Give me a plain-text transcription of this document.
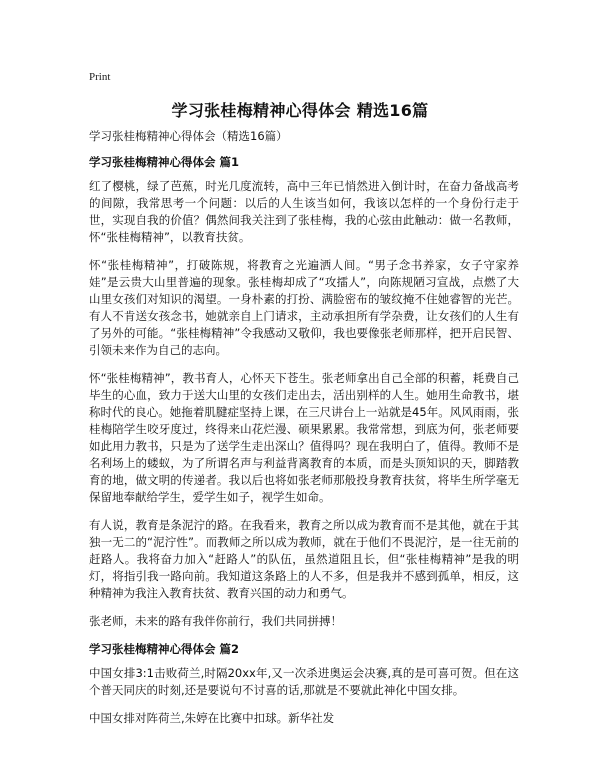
Print
学习张桂梅精神心得体会 精选16篇

学习张桂梅精神心得体会（精选16篇）

学习张桂梅精神心得体会 篇1

红了樱桃，绿了芭蕉，时光几度流转，高中三年已悄然进入倒计时，在奋力备战高考的间隙，我常思考一个问题：以后的人生该当如何，我该以怎样的一个身份行走于世，实现自我的价值？偶然间我关注到了张桂梅，我的心弦由此触动：做一名教师，怀“张桂梅精神”，以教育扶贫。

怀“张桂梅精神”，打破陈规，将教育之光遍洒人间。“男子念书养家，女子守家养娃”是云贵大山里普遍的现象。张桂梅却成了“攻擂人”，向陈规陋习宣战，点燃了大山里女孩们对知识的渴望。一身朴素的打扮、满脸密布的皱纹掩不住她睿智的光芒。有人不肯送女孩念书，她就亲自上门请求，主动承担所有学杂费，让女孩们的人生有了另外的可能。“张桂梅精神”令我感动又敬仰，我也要像张老师那样，把开启民智、引领未来作为自己的志向。

怀“张桂梅精神”，教书育人，心怀天下苍生。张老师拿出自己全部的积蓄，耗费自己毕生的心血，致力于送大山里的女孩们走出去，活出别样的人生。她用生命教书，堪称时代的良心。她拖着肌腱症坚持上课，在三尺讲台上一站就是45年。风风雨雨，张桂梅陪学生咬牙度过，终得来山花烂漫、硕果累累。我常常想，到底为何，张老师要如此用力教书，只是为了送学生走出深山？值得吗？现在我明白了，值得。教师不是名利场上的蝼蚁，为了所谓名声与利益背离教育的本质，而是头顶知识的天，脚踏教育的地，做文明的传递者。我以后也将如张老师那般投身教育扶贫，将毕生所学毫无保留地奉献给学生，爱学生如子，视学生如命。

有人说，教育是条泥泞的路。在我看来，教育之所以成为教育而不是其他，就在于其独一无二的“泥泞性”。而教师之所以成为教师，就在于他们不畏泥泞，是一往无前的赶路人。我将奋力加入“赶路人”的队伍，虽然道阻且长，但“张桂梅精神”是我的明灯，将指引我一路向前。我知道这条路上的人不多，但是我并不感到孤单，相反，这种精神为我注入教育扶贫、教育兴国的动力和勇气。

张老师，未来的路有我伴你前行，我们共同拼搏！

学习张桂梅精神心得体会 篇2

中国女排3:1击败荷兰,时隔20xx年,又一次杀进奥运会决赛,真的是可喜可贺。但在这个普天同庆的时刻,还是要说句不讨喜的话,那就是不要就此神化中国女排。

中国女排对阵荷兰,朱婷在比赛中扣球。新华社发
